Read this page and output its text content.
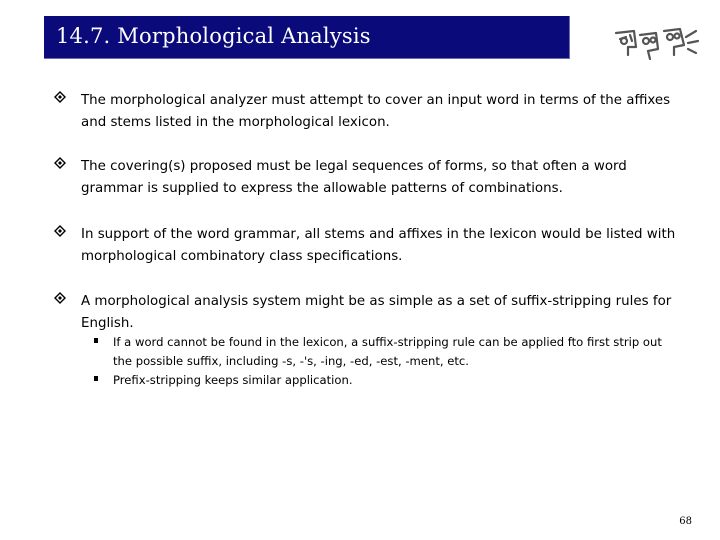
14.7. Morphological Analysis
The morphological analyzer must attempt to cover an input word in terms of the affixes
and stems listed in the morphological lexicon.
The covering(s) proposed must be legal sequences of forms, so that often a word
grammar is supplied to express the allowable patterns of combinations.
In support of the word grammar, all stems and affixes in the lexicon would be listed with
morphological combinatory class specifications.
A morphological analysis system might be as simple as a set of suffix-stripping rules for
English.
If a word cannot be found in the lexicon, a suffix-stripping rule can be applied fto first strip out
the possible suffix, including -s, -'s, -ing, -ed, -est, -ment, etc.
Prefix-stripping keeps similar application.
68
